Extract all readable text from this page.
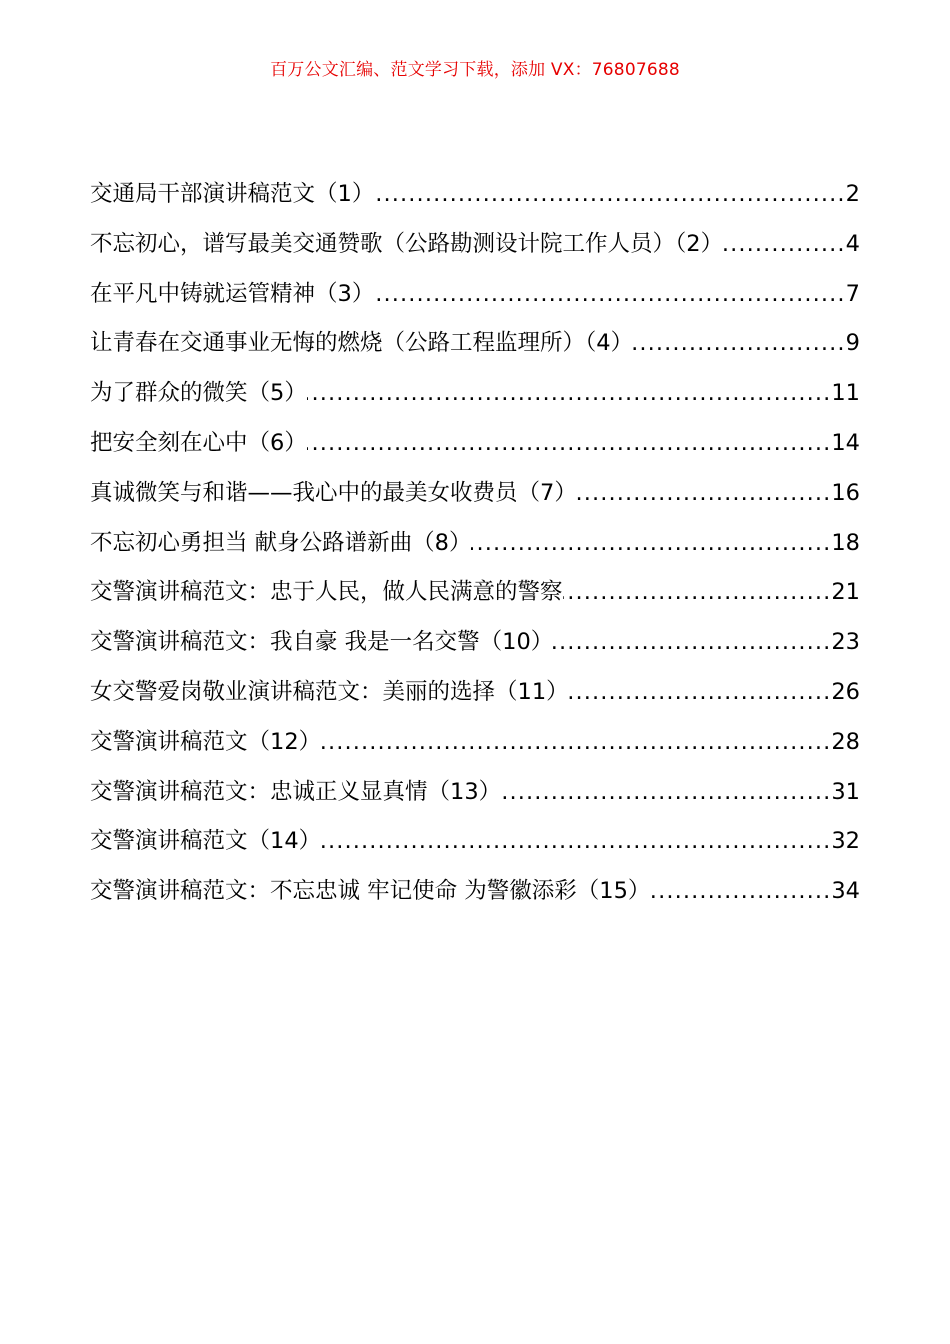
百万公文汇编、范文学习下载，添加 VX：76807688
交通局干部演讲稿范文（1） .....	2
不忘初心，谱写最美交通赞歌（公路勘测设计院工作人员）（2） .....	4
在平凡中铸就运管精神（3） .....	7
让青春在交通事业无悔的燃烧（公路工程监理所）（4） .....	9
为了群众的微笑（5） .....	11
把安全刻在心中（6） .....	14
真诚微笑与和谐——我心中的最美女收费员（7） .....	16
不忘初心勇担当 献身公路谱新曲（8） .....	18
交警演讲稿范文：忠于人民，做人民满意的警察 .....	21
交警演讲稿范文：我自豪 我是一名交警（10） .....	23
女交警爱岗敬业演讲稿范文：美丽的选择（11） .....	26
交警演讲稿范文（12） .....	28
交警演讲稿范文：忠诚正义显真情（13） .....	31
交警演讲稿范文（14） .....	32
交警演讲稿范文：不忘忠诚 牢记使命 为警徽添彩（15） .....	34
